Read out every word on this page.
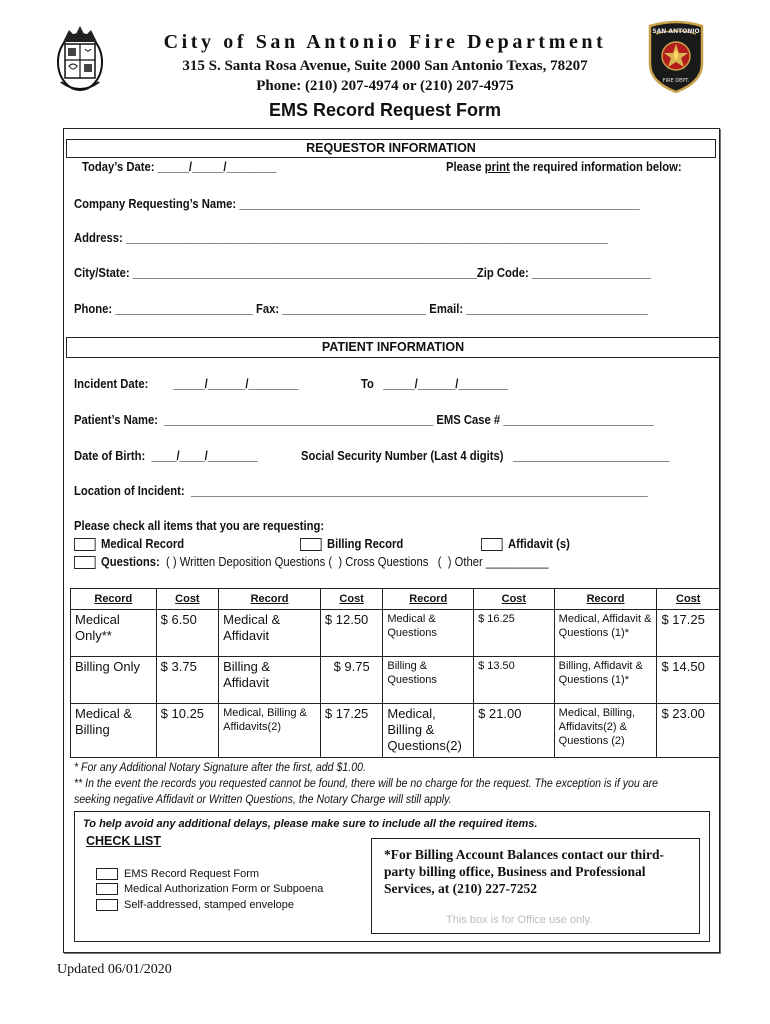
City of San Antonio Fire Department
315 S. Santa Rosa Avenue, Suite 2000 San Antonio Texas, 78207
Phone: (210) 207-4974 or (210) 207-4975
EMS Record Request Form
SAN ANTONIO
FIRE DEPT.
REQUESTOR INFORMATION
Today’s Date: _____/_____/________	Please print the required information below:
Company Requesting’s Name: ________________________________________________________________
Address: _____________________________________________________________________________
City/State: _______________________________________________________Zip Code: ___________________
Phone: ______________________ Fax: _______________________ Email: _____________________________
PATIENT INFORMATION
Incident Date:        _____/______/________	To   _____/______/________
Patient’s Name:  ___________________________________________ EMS Case # ________________________
Date of Birth:  ____/____/________	Social Security Number (Last 4 digits)   _________________________
Location of Incident:  _________________________________________________________________________
Please check all items that you are requesting:
Medical Record	Billing Record	Affidavit (s)
Questions:  ( ) Written Deposition Questions (  ) Cross Questions   (  ) Other __________
Record	Cost	Record	Cost	Record	Cost	Record	Cost
Medical Only**	$ 6.50	Medical & Affidavit	$ 12.50	Medical & Questions	$ 16.25	Medical, Affidavit & Questions (1)*	$ 17.25
Billing Only	$ 3.75	Billing & Affidavit	$ 9.75	Billing & Questions	$ 13.50	Billing, Affidavit & Questions (1)*	$ 14.50
Medical & Billing	$ 10.25	Medical, Billing & Affidavits(2)	$ 17.25	Medical, Billing & Questions(2)	$ 21.00	Medical, Billing, Affidavits(2) & Questions (2)	$ 23.00
* For any Additional Notary Signature after the first, add $1.00.
** In the event the records you requested cannot be found, there will be no charge for the request. The exception is if you are seeking negative Affidavit or Written Questions, the Notary Charge will still apply.
To help avoid any additional delays, please make sure to include all the required items.
CHECK LIST
EMS Record Request Form
Medical Authorization Form or Subpoena
Self-addressed, stamped envelope
*For Billing Account Balances contact our third-party billing office, Business and Professional Services, at (210) 227-7252
This box is for Office use only.
Updated 06/01/2020
